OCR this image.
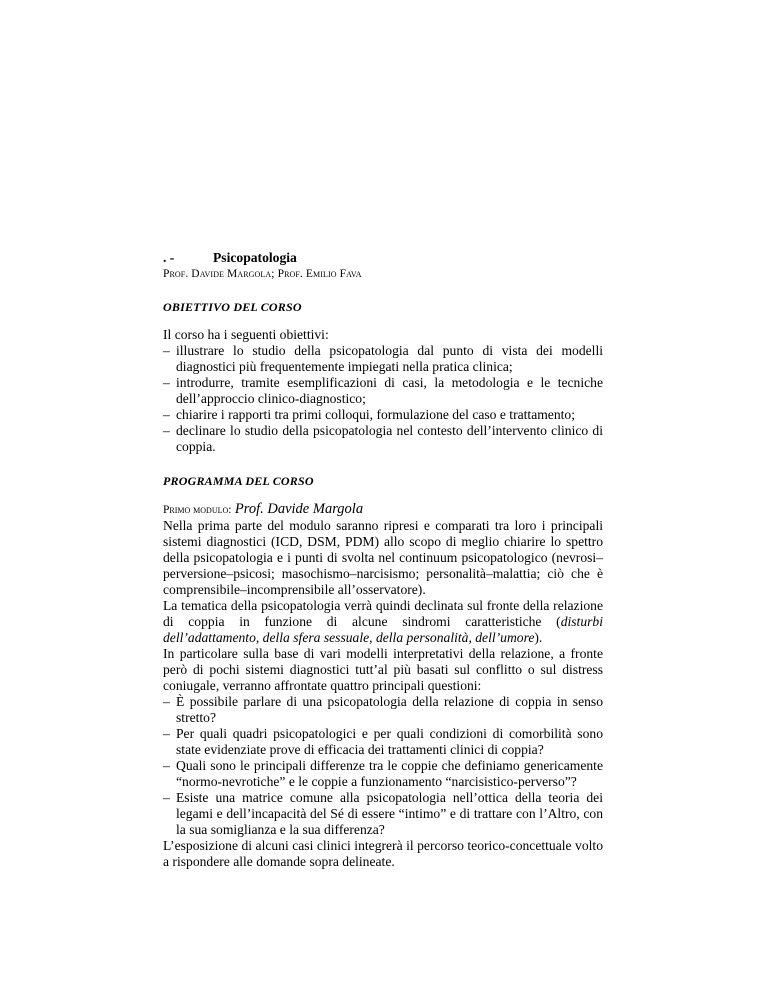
. -	Psicopatologia
Prof. Davide Margola; Prof. Emilio Fava
OBIETTIVO DEL CORSO

Il corso ha i seguenti obiettivi:

– illustrare lo studio della psicopatologia dal punto di vista dei modelli diagnostici più frequentemente impiegati nella pratica clinica;
– introdurre, tramite esemplificazioni di casi, la metodologia e le tecniche dell’approccio clinico-diagnostico;
– chiarire i rapporti tra primi colloqui, formulazione del caso e trattamento;
– declinare lo studio della psicopatologia nel contesto dell’intervento clinico di coppia.
PROGRAMMA DEL CORSO
Primo modulo: Prof. Davide Margola

Nella prima parte del modulo saranno ripresi e comparati tra loro i principali sistemi diagnostici (ICD, DSM, PDM) allo scopo di meglio chiarire lo spettro della psicopatologia e i punti di svolta nel continuum psicopatologico (nevrosi–perversione–psicosi; masochismo–narcisismo; personalità–malattia; ciò che è comprensibile–incomprensibile all’osservatore).

La tematica della psicopatologia verrà quindi declinata sul fronte della relazione di coppia in funzione di alcune sindromi caratteristiche (disturbi dell’adattamento, della sfera sessuale, della personalità, dell’umore).

In particolare sulla base di vari modelli interpretativi della relazione, a fronte però di pochi sistemi diagnostici tutt’al più basati sul conflitto o sul distress coniugale, verranno affrontate quattro principali questioni:

– È possibile parlare di una psicopatologia della relazione di coppia in senso stretto?
– Per quali quadri psicopatologici e per quali condizioni di comorbilità sono state evidenziate prove di efficacia dei trattamenti clinici di coppia?
– Quali sono le principali differenze tra le coppie che definiamo genericamente “normo-nevrotiche” e le coppie a funzionamento “narcisistico-perverso”?
– Esiste una matrice comune alla psicopatologia nell’ottica della teoria dei legami e dell’incapacità del Sé di essere “intimo” e di trattare con l’Altro, con la sua somiglianza e la sua differenza?

L’esposizione di alcuni casi clinici integrerà il percorso teorico-concettuale volto a rispondere alle domande sopra delineate.
